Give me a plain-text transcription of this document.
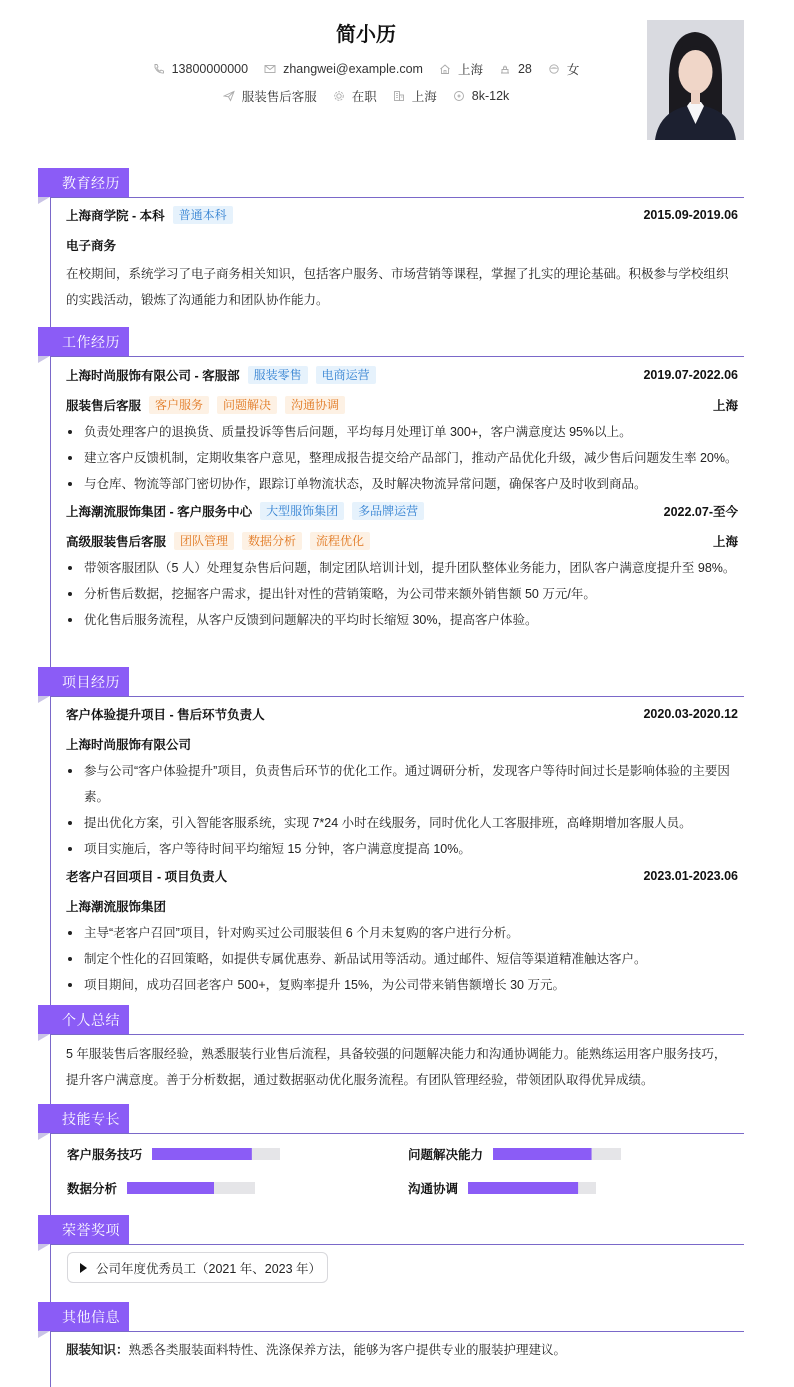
简小历
13800000000	zhangwei@example.com	上海	28	女
服装售后客服	在职	上海	8k-12k
教育经历
上海商学院 - 本科	普通本科	2015.09-2019.06
电子商务
在校期间，系统学习了电子商务相关知识，包括客户服务、市场营销等课程，掌握了扎实的理论基础。积极参与学校组织的实践活动，锻炼了沟通能力和团队协作能力。
工作经历
上海时尚服饰有限公司 - 客服部	服装零售	电商运营	2019.07-2022.06
服装售后客服	客户服务	问题解决	沟通协调	上海
负责处理客户的退换货、质量投诉等售后问题，平均每月处理订单 300+，客户满意度达 95%以上。
建立客户反馈机制，定期收集客户意见，整理成报告提交给产品部门，推动产品优化升级，减少售后问题发生率 20%。
与仓库、物流等部门密切协作，跟踪订单物流状态，及时解决物流异常问题，确保客户及时收到商品。
上海潮流服饰集团 - 客户服务中心	大型服饰集团	多品牌运营	2022.07-至今
高级服装售后客服	团队管理	数据分析	流程优化	上海
带领客服团队（5 人）处理复杂售后问题，制定团队培训计划，提升团队整体业务能力，团队客户满意度提升至 98%。
分析售后数据，挖掘客户需求，提出针对性的营销策略，为公司带来额外销售额 50 万元/年。
优化售后服务流程，从客户反馈到问题解决的平均时长缩短 30%，提高客户体验。
项目经历
客户体验提升项目 - 售后环节负责人	2020.03-2020.12
上海时尚服饰有限公司
参与公司“客户体验提升”项目，负责售后环节的优化工作。通过调研分析，发现客户等待时间过长是影响体验的主要因素。
提出优化方案，引入智能客服系统，实现 7*24 小时在线服务，同时优化人工客服排班，高峰期增加客服人员。
项目实施后，客户等待时间平均缩短 15 分钟，客户满意度提高 10%。
老客户召回项目 - 项目负责人	2023.01-2023.06
上海潮流服饰集团
主导“老客户召回”项目，针对购买过公司服装但 6 个月未复购的客户进行分析。
制定个性化的召回策略，如提供专属优惠券、新品试用等活动。通过邮件、短信等渠道精准触达客户。
项目期间，成功召回老客户 500+，复购率提升 15%，为公司带来销售额增长 30 万元。
个人总结
5 年服装售后客服经验，熟悉服装行业售后流程，具备较强的问题解决能力和沟通协调能力。能熟练运用客户服务技巧，提升客户满意度。善于分析数据，通过数据驱动优化服务流程。有团队管理经验，带领团队取得优异成绩。
技能专长
客户服务技巧	问题解决能力
数据分析	沟通协调
荣誉奖项
公司年度优秀员工（2021 年、2023 年）
其他信息
服装知识：熟悉各类服装面料特性、洗涤保养方法，能够为客户提供专业的服装护理建议。
